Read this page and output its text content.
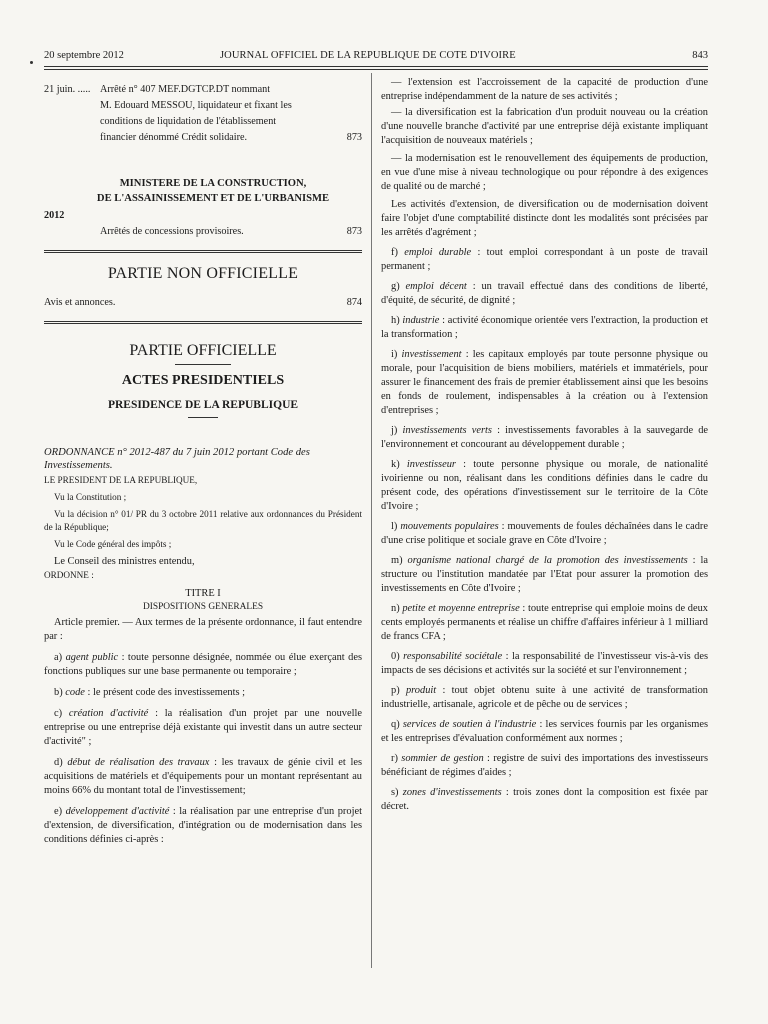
20 septembre 2012	JOURNAL OFFICIEL DE LA REPUBLIQUE DE COTE D'IVOIRE	843
21 juin. ..... Arrêté n° 407 MEF.DGTCP.DT nommant
M. Edouard MESSOU, liquidateur et fixant les
conditions de liquidation de l'établissement
financier dénommé Crédit solidaire.	873
MINISTERE DE LA CONSTRUCTION,
DE L'ASSAINISSEMENT ET DE L'URBANISME
2012
Arrêtés de concessions provisoires.	873
PARTIE NON OFFICIELLE
Avis et annonces.	874
PARTIE OFFICIELLE
ACTES PRESIDENTIELS
PRESIDENCE DE LA REPUBLIQUE
ORDONNANCE n° 2012-487 du 7 juin 2012 portant Code des Investissements.
LE PRESIDENT DE LA REPUBLIQUE,
Vu la Constitution ;
Vu la décision n° 01/ PR du 3 octobre 2011 relative aux ordonnances du Président de la République;
Vu le Code général des impôts ;
Le Conseil des ministres entendu,
ORDONNE :
TITRE I
DISPOSITIONS GENERALES
Article premier. — Aux termes de la présente ordonnance, il faut entendre par :
a) agent public : toute personne désignée, nommée ou élue exerçant des fonctions publiques sur une base permanente ou temporaire ;
b) code : le présent code des investissements ;
c) création d'activité : la réalisation d'un projet par une nouvelle entreprise ou une entreprise déjà existante qui investit dans un autre secteur d'activité" ;
d) début de réalisation des travaux : les travaux de génie civil et les acquisitions de matériels et d'équipements pour un montant représentant au moins 66% du montant total de l'investissement;
e) développement d'activité : la réalisation par une entreprise d'un projet d'extension, de diversification, d'intégration ou de modernisation dans les conditions définies ci-après :
— l'extension est l'accroissement de la capacité de production d'une entreprise indépendamment de la nature de ses activités ;
— la diversification est la fabrication d'un produit nouveau ou la création d'une nouvelle branche d'activité par une entreprise déjà existante impliquant l'acquisition de nouveaux matériels ;
— la modernisation est le renouvellement des équipements de production, en vue d'une mise à niveau technologique ou pour répondre à des exigences de qualité ou de marché ;
Les activités d'extension, de diversification ou de modernisation doivent faire l'objet d'une comptabilité distincte dont les modalités sont précisées par les arrêtés d'agrément ;
f) emploi durable : tout emploi correspondant à un poste de travail permanent ;
g) emploi décent : un travail effectué dans des conditions de liberté, d'équité, de sécurité, de dignité ;
h) industrie : activité économique orientée vers l'extraction, la production et la transformation ;
i) investissement : les capitaux employés par toute personne physique ou morale, pour l'acquisition de biens mobiliers, matériels et immatériels, pour assurer le financement des frais de premier établissement ainsi que les besoins en fonds de roulement, indispensables à la création ou à l'extension d'entreprises ;
j) investissements verts : investissements favorables à la sauvegarde de l'environnement et concourant au développement durable ;
k) investisseur : toute personne physique ou morale, de nationalité ivoirienne ou non, réalisant dans les conditions définies dans le cadre du présent code, des opérations d'investissement sur le territoire de la Côte d'Ivoire ;
l) mouvements populaires : mouvements de foules déchaînées dans le cadre d'une crise politique et sociale grave en Côte d'Ivoire ;
m) organisme national chargé de la promotion des investissements : la structure ou l'institution mandatée par l'Etat pour assurer la promotion des investissements en Côte d'Ivoire ;
n) petite et moyenne entreprise : toute entreprise qui emploie moins de deux cents employés permanents et réalise un chiffre d'affaires inférieur à 1 milliard de francs CFA ;
0) responsabilité sociétale : la responsabilité de l'investisseur vis-à-vis des impacts de ses décisions et activités sur la société et sur l'environnement ;
p) produit : tout objet obtenu suite à une activité de transformation industrielle, artisanale, agricole et de pêche ou de services ;
q) services de soutien à l'industrie : les services fournis par les organismes et les entreprises d'évaluation conformément aux normes ;
r) sommier de gestion : registre de suivi des importations des investisseurs bénéficiant de régimes d'aides ;
s) zones d'investissements : trois zones dont la composition est fixée par décret.
